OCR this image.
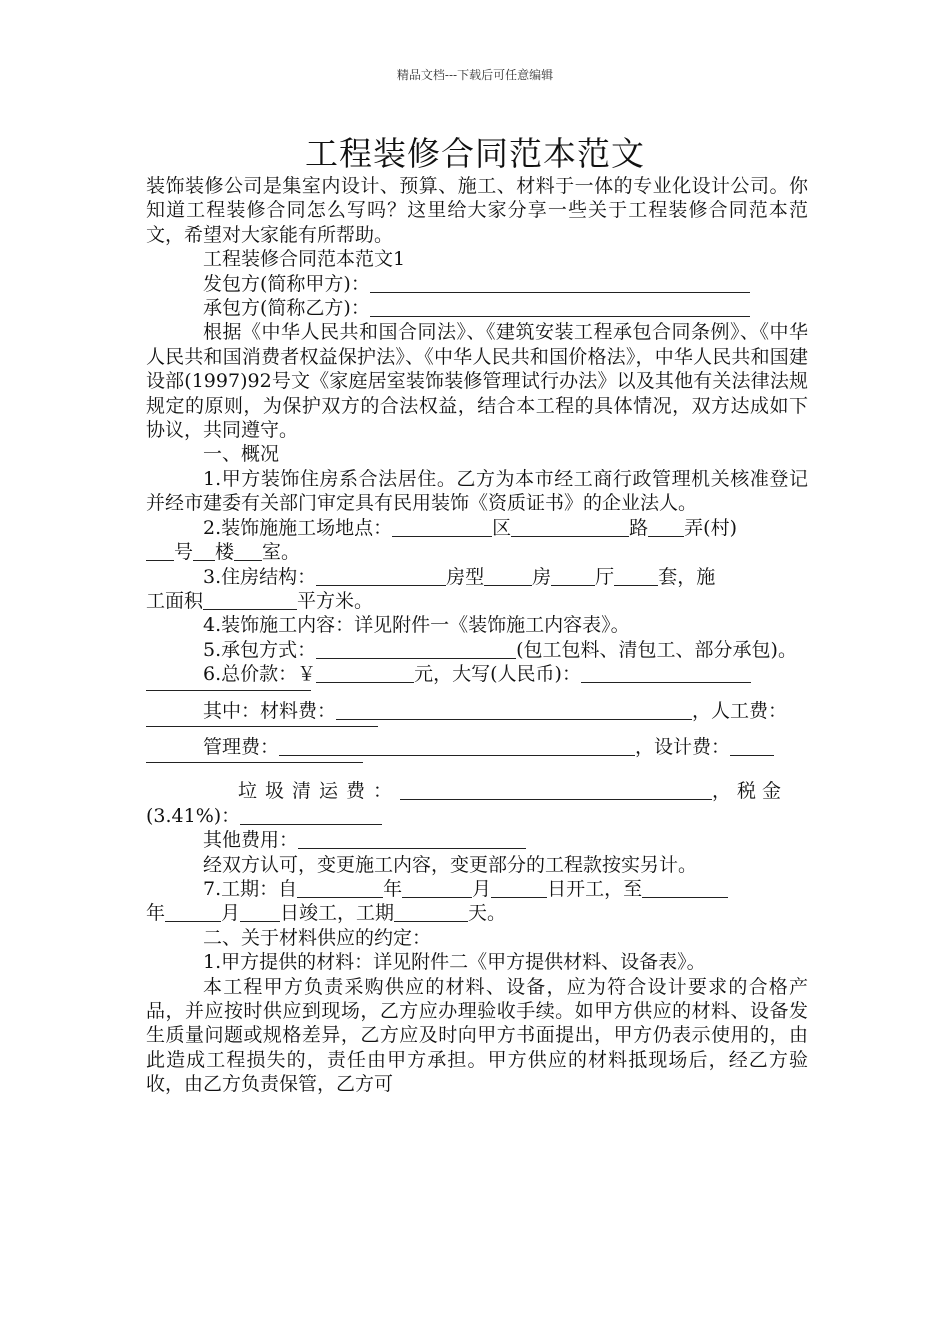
精品文档---下载后可任意编辑
工程装修合同范本范文

装饰装修公司是集室内设计、预算、施工、材料于一体的专业化设计公司。你知道工程装修合同怎么写吗？这里给大家分享一些关于工程装修合同范本范文，希望对大家能有所帮助。

工程装修合同范本范文1

发包方(简称甲方)：

承包方(简称乙方)：

根据《中华人民共和国合同法》、《建筑安装工程承包合同条例》、《中华人民共和国消费者权益保护法》、《中华人民共和国价格法》，中华人民共和国建设部(1997)92号文《家庭居室装饰装修管理试行办法》以及其他有关法律法规规定的原则，为保护双方的合法权益，结合本工程的具体情况，双方达成如下协议，共同遵守。

一、概况

1.甲方装饰住房系合法居住。乙方为本市经工商行政管理机关核准登记并经市建委有关部门审定具有民用装饰《资质证书》的企业法人。

2.装饰施施工场地点：	区	路 弄(村)

号 楼 室。

3.住房结构：	房型	房 厅 套，施

工面积	平方米。

4.装饰施工内容：详见附件一《装饰施工内容表》。

5.承包方式：	(包工包料、清包工、部分承包)。

6.总价款：￥	元，大写(人民币)：

其中：材料费：	，人工费：

管理费：	，设计费：

垃圾清运费：	，税金

(3.41%)：

其他费用：

经双方认可，变更施工内容，变更部分的工程款按实另计。

7.工期：自	年	月	日开工，至

年	月 日竣工，工期	天。

二、关于材料供应的约定：

1.甲方提供的材料：详见附件二《甲方提供材料、设备表》。

本工程甲方负责采购供应的材料、设备，应为符合设计要求的合格产品，并应按时供应到现场，乙方应办理验收手续。如甲方供应的材料、设备发生质量问题或规格差异，乙方应及时向甲方书面提出，甲方仍表示使用的，由此造成工程损失的，责任由甲方承担。甲方供应的材料抵现场后，经乙方验收，由乙方负责保管，乙方可
